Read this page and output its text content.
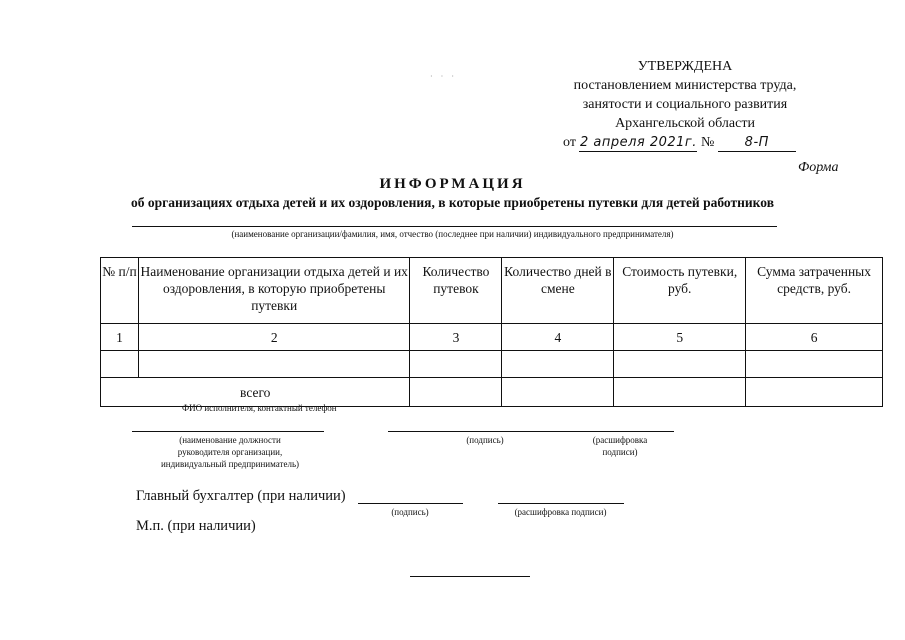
· · ·
УТВЕРЖДЕНА
постановлением министерства труда,
занятости и социального развития
Архангельской области
от 2 апреля 2021г. № 8-П
Форма
ИНФОРМАЦИЯ
об организациях отдыха детей и их оздоровления, в которые приобретены путевки для детей работников
(наименование организации/фамилия, имя, отчество (последнее при наличии) индивидуального предпринимателя)
№ п/п	Наименование организации отдыха детей и их оздоровления, в которую приобретены путевки	Количество путевок	Количество дней в смене	Стоимость путевки, руб.	Сумма затраченных средств, руб.
1	2	3	4	5	6

всего					
ФИО исполнителя, контактный телефон
(наименование должности
руководителя организации,
индивидуальный предприниматель)
(подпись)	(расшифровка
подписи)
Главный бухгалтер (при наличии)
(подпись)	(расшифровка подписи)
М.п. (при наличии)
